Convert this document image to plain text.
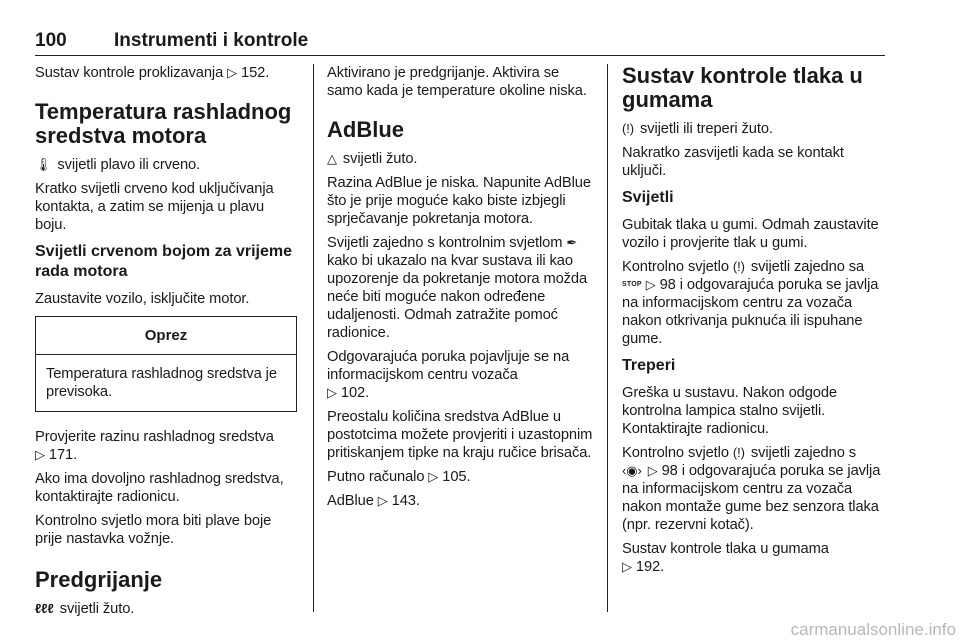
100 Instrumenti i kontrole

Sustav kontrole proklizavanja ▷ 152.

Temperatura rashladnog sredstva motora

🌡 svijetli plavo ili crveno.

Kratko svijetli crveno kod uključivanja kontakta, a zatim se mijenja u plavu boju.

Svijetli crvenom bojom za vrijeme rada motora

Zaustavite vozilo, isključite motor.

Oprez

Temperatura rashladnog sredstva je previsoka.

Provjerite razinu rashladnog sredstva
▷ 171.

Ako ima dovoljno rashladnog sredstva, kontaktirajte radionicu.

Kontrolno svjetlo mora biti plave boje prije nastavka vožnje.

Predgrijanje

ℓℓℓ svijetli žuto.

Aktivirano je predgrijanje. Aktivira se samo kada je temperature okoline niska.

AdBlue

△ svijetli žuto.

Razina AdBlue je niska. Napunite AdBlue što je prije moguće kako biste izbjegli sprječavanje pokretanja motora.

Svijetli zajedno s kontrolnim svjetlom ✒ kako bi ukazalo na kvar sustava ili kao upozorenje da pokretanje motora možda neće biti moguće nakon određene udaljenosti. Odmah zatražite pomoć radionice.

Odgovarajuća poruka pojavljuje se na informacijskom centru vozača
▷ 102.

Preostalu količina sredstva AdBlue u postotcima možete provjeriti i uzastopnim pritiskanjem tipke na kraju ručice brisača.

Putno računalo ▷ 105.

AdBlue ▷ 143.

Sustav kontrole tlaka u gumama

(!) svijetli ili treperi žuto.

Nakratko zasvijetli kada se kontakt uključi.

Svijetli

Gubitak tlaka u gumi. Odmah zaustavite vozilo i provjerite tlak u gumi.

Kontrolno svjetlo (!) svijetli zajedno sa STOP ▷ 98 i odgovarajuća poruka se javlja na informacijskom centru za vozača nakon otkrivanja puknuća ili ispuhane gume.

Treperi

Greška u sustavu. Nakon odgode kontrolna lampica stalno svijetli. Kontaktirajte radionicu.

Kontrolno svjetlo (!) svijetli zajedno s
‹◉› ▷ 98 i odgovarajuća poruka se javlja na informacijskom centru za vozača nakon montaže gume bez senzora tlaka (npr. rezervni kotač).

Sustav kontrole tlaka u gumama
▷ 192.

carmanualsonline.info
